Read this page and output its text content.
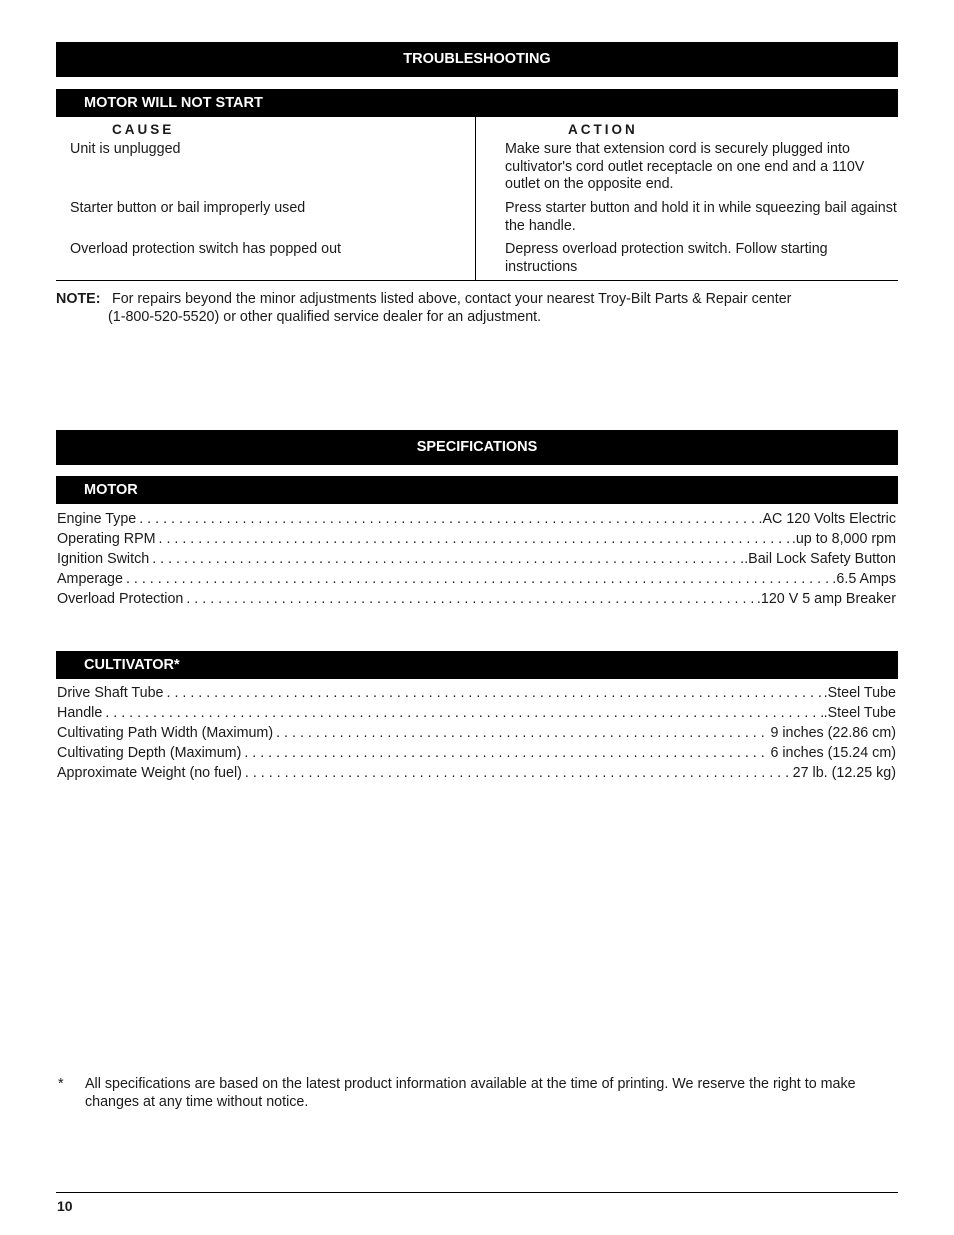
TROUBLESHOOTING
MOTOR WILL NOT START
CAUSE	ACTION
Unit is unplugged	Make sure that extension cord is securely plugged into cultivator's cord outlet receptacle on one end and a 110V outlet on the opposite end.
Starter button or bail improperly used	Press starter button and hold it in while squeezing bail against the handle.
Overload protection switch has popped out	Depress overload protection switch. Follow starting instructions
NOTE: For repairs beyond the minor adjustments listed above, contact your nearest Troy-Bilt Parts & Repair center
(1-800-520-5520) or other qualified service dealer for an adjustment.
SPECIFICATIONS
MOTOR
Engine Type . . .	.AC 120 Volts Electric
Operating RPM . . .	.up to 8,000 rpm
Ignition Switch . . .	.Bail Lock Safety Button
Amperage . . .	.6.5 Amps
Overload Protection . . .	.120 V 5 amp Breaker
CULTIVATOR*
Drive Shaft Tube . . .	.Steel Tube
Handle . . .	.Steel Tube
Cultivating Path Width (Maximum) . . .	9 inches (22.86 cm)
Cultivating Depth (Maximum) . . .	6 inches (15.24 cm)
Approximate Weight (no fuel) . . .	27 lb. (12.25 kg)
* All specifications are based on the latest product information available at the time of printing. We reserve the right to make changes at any time without notice.
10
